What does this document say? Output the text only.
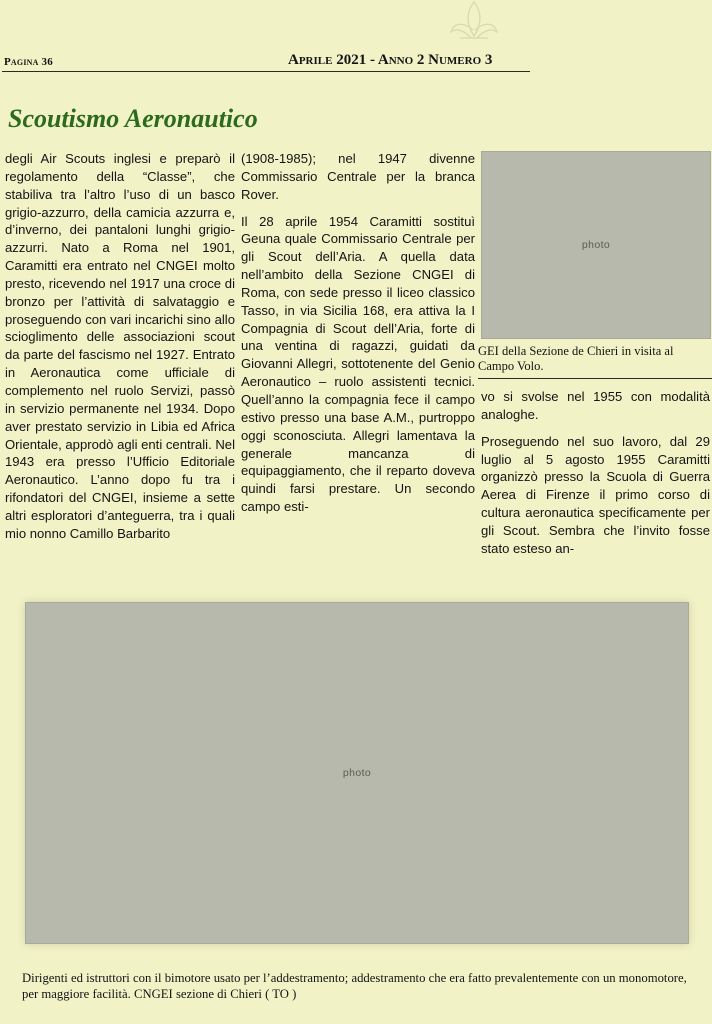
Pagina 36	Aprile 2021 - Anno 2 Numero 3
Scoutismo Aeronautico

degli Air Scouts inglesi e preparò il regolamento della “Classe”, che stabiliva tra l’altro l’uso di un basco grigio-azzurro, della camicia azzurra e, d’inverno, dei pantaloni lunghi grigio-azzurri. Nato a Roma nel 1901, Caramitti era entrato nel CNGEI molto presto, ricevendo nel 1917 una croce di bronzo per l’attività di salvataggio e proseguendo con vari incarichi sino allo scioglimento delle associazioni scout da parte del fascismo nel 1927. Entrato in Aeronautica come ufficiale di complemento nel ruolo Servizi, passò in servizio permanente nel 1934. Dopo aver prestato servizio in Libia ed Africa Orientale, approdò agli enti centrali. Nel 1943 era presso l’Ufficio Editoriale Aeronautico. L’anno dopo fu tra i rifondatori del CNGEI, insieme a sette altri esploratori d’anteguerra, tra i quali mio nonno Camillo Barbarito

(1908-1985); nel 1947 divenne Commissario Centrale per la branca Rover.

Il 28 aprile 1954 Caramitti sostituì Geuna quale Commissario Centrale per gli Scout dell’Aria. A quella data nell’ambito della Sezione CNGEI di Roma, con sede presso il liceo classico Tasso, in via Sicilia 168, era attiva la I Compagnia di Scout dell’Aria, forte di una ventina di ragazzi, guidati da Giovanni Allegri, sottotenente del Genio Aeronautico – ruolo assistenti tecnici. Quell’anno la compagnia fece il campo estivo presso una base A.M., purtroppo oggi sconosciuta. Allegri lamentava la generale mancanza di equipaggiamento, che il reparto doveva quindi farsi prestare. Un secondo campo esti-

photo

GEI della Sezione de Chieri in visita al Campo Volo.

vo si svolse nel 1955 con modalità analoghe.

Proseguendo nel suo lavoro, dal 29 luglio al 5 agosto 1955 Caramitti organizzò presso la Scuola di Guerra Aerea di Firenze il primo corso di cultura aeronautica specificamente per gli Scout. Sembra che l’invito fosse stato esteso an-

photo

Dirigenti ed istruttori con il bimotore usato per l’addestramento; addestramento che era fatto prevalentemente con un monomotore, per maggiore facilità. CNGEI sezione di Chieri ( TO )
